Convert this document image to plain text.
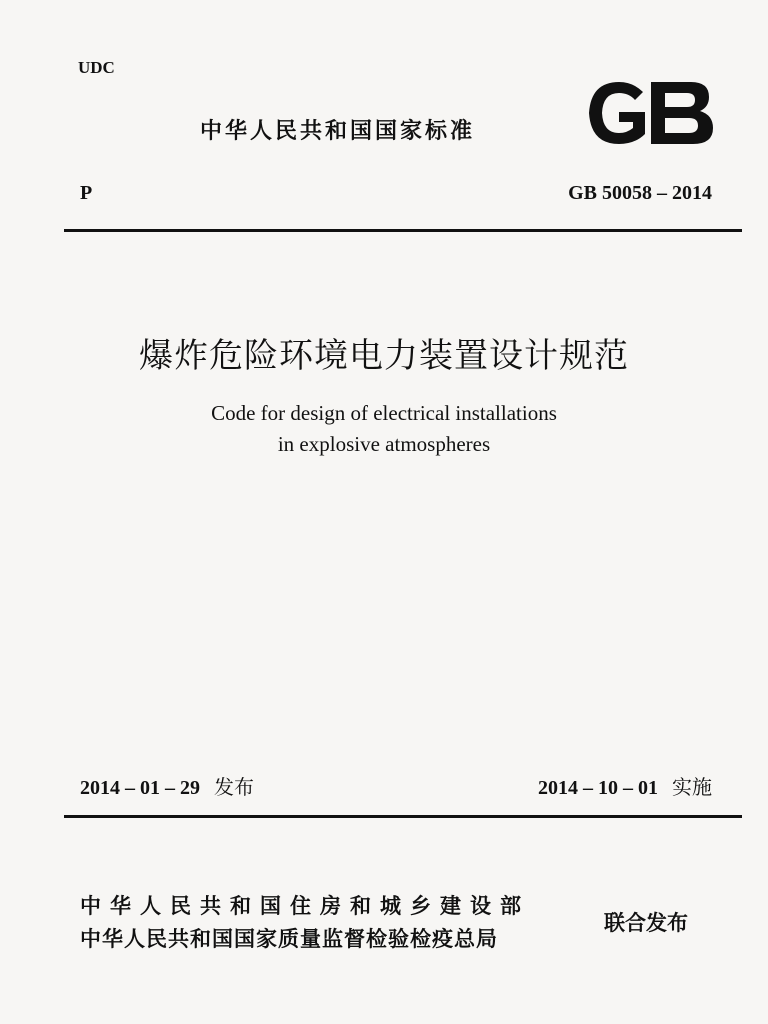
UDC
中华人民共和国国家标准
P	GB 50058 – 2014
爆炸危险环境电力装置设计规范
Code for design of electrical installations
in explosive atmospheres
2014 – 01 – 29 发布	2014 – 10 – 01 实施
中华人民共和国住房和城乡建设部
中华人民共和国国家质量监督检验检疫总局
联合发布
